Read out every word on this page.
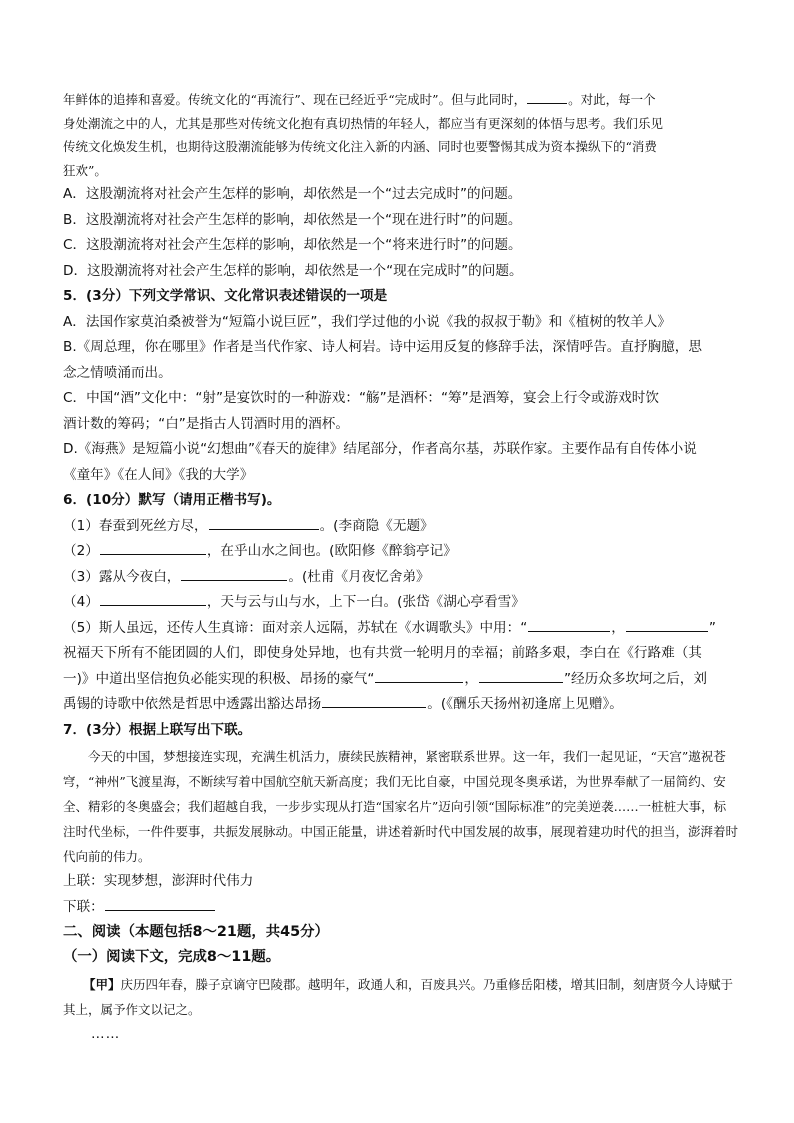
年鲜体的追捧和喜爱。传统文化的“再流行”、现在已经近乎“完成时”。但与此同时，	。对此，每一个
身处潮流之中的人，尤其是那些对传统文化抱有真切热情的年轻人，都应当有更深刻的体悟与思考。我们乐见
传统文化焕发生机，也期待这股潮流能够为传统文化注入新的内涵、同时也要警惕其成为资本操纵下的“消费
狂欢”。

A．这股潮流将对社会产生怎样的影响，却依然是一个“过去完成时”的问题。

B．这股潮流将对社会产生怎样的影响，却依然是一个“现在进行时”的问题。

C．这股潮流将对社会产生怎样的影响，却依然是一个“将来进行时”的问题。

D．这股潮流将对社会产生怎样的影响，却依然是一个“现在完成时”的问题。

5．(3分）下列文学常识、文化常识表述错误的一项是

A．法国作家莫泊桑被誉为“短篇小说巨匠”，我们学过他的小说《我的叔叔于勒》和《植树的牧羊人》

B.《周总理，你在哪里》作者是当代作家、诗人柯岩。诗中运用反复的修辞手法，深情呼告。直抒胸臆，思

念之情喷涌而出。

C．中国“酒”文化中：“射”是宴饮时的一种游戏：“觞”是酒杯：“筹”是酒筹，宴会上行令或游戏时饮

酒计数的筹码；“白”是指古人罚酒时用的酒杯。

D.《海燕》是短篇小说“幻想曲”《春天的旋律》结尾部分，作者高尔基，苏联作家。主要作品有自传体小说

《童年》《在人间》《我的大学》

6．(10分）默写（请用正楷书写)。

（1）春蚕到死丝方尽，	。(李商隐《无题》

（2）	，在乎山水之间也。(欧阳修《醉翁亭记》

（3）露从今夜白，	。(杜甫《月夜忆舍弟》

（4）	，天与云与山与水，上下一白。(张岱《湖心亭看雪》

（5）斯人虽远，还传人生真谛：面对亲人远隔，苏轼在《水调歌头》中用：“	，	”

祝福天下所有不能团圆的人们，即使身处异地，也有共赏一轮明月的幸福；前路多艰，李白在《行路难（其

一)》中道出坚信抱负必能实现的积极、昂扬的豪气“	，	”经历众多坎坷之后，刘

禹锡的诗歌中依然是哲思中透露出豁达昂扬	。(《酬乐天扬州初逢席上见赠》。

7．(3分）根据上联写出下联。

今天的中国，梦想接连实现，充满生机活力，赓续民族精神，紧密联系世界。这一年，我们一起见证，“天宫”遨祝苍穹，“神州”飞渡星海，不断续写着中国航空航天新高度；我们无比自豪，中国兑现冬奥承诺，为世界奉献了一届简约、安全、精彩的冬奥盛会；我们超越自我，一步步实现从打造“国家名片”迈向引领“国际标准”的完美逆袭……一桩桩大事，标注时代坐标，一件件要事，共振发展脉动。中国正能量，讲述着新时代中国发展的故事，展现着建功时代的担当，澎湃着时代向前的伟力。

上联：实现梦想，澎湃时代伟力

下联：

二、阅读（本题包括8～21题，共45分）

（一）阅读下文，完成8～11题。

【甲】庆历四年春，滕子京谪守巴陵郡。越明年，政通人和，百废具兴。乃重修岳阳楼，增其旧制，刻唐贤今人诗赋于其上，属予作文以记之。

……
